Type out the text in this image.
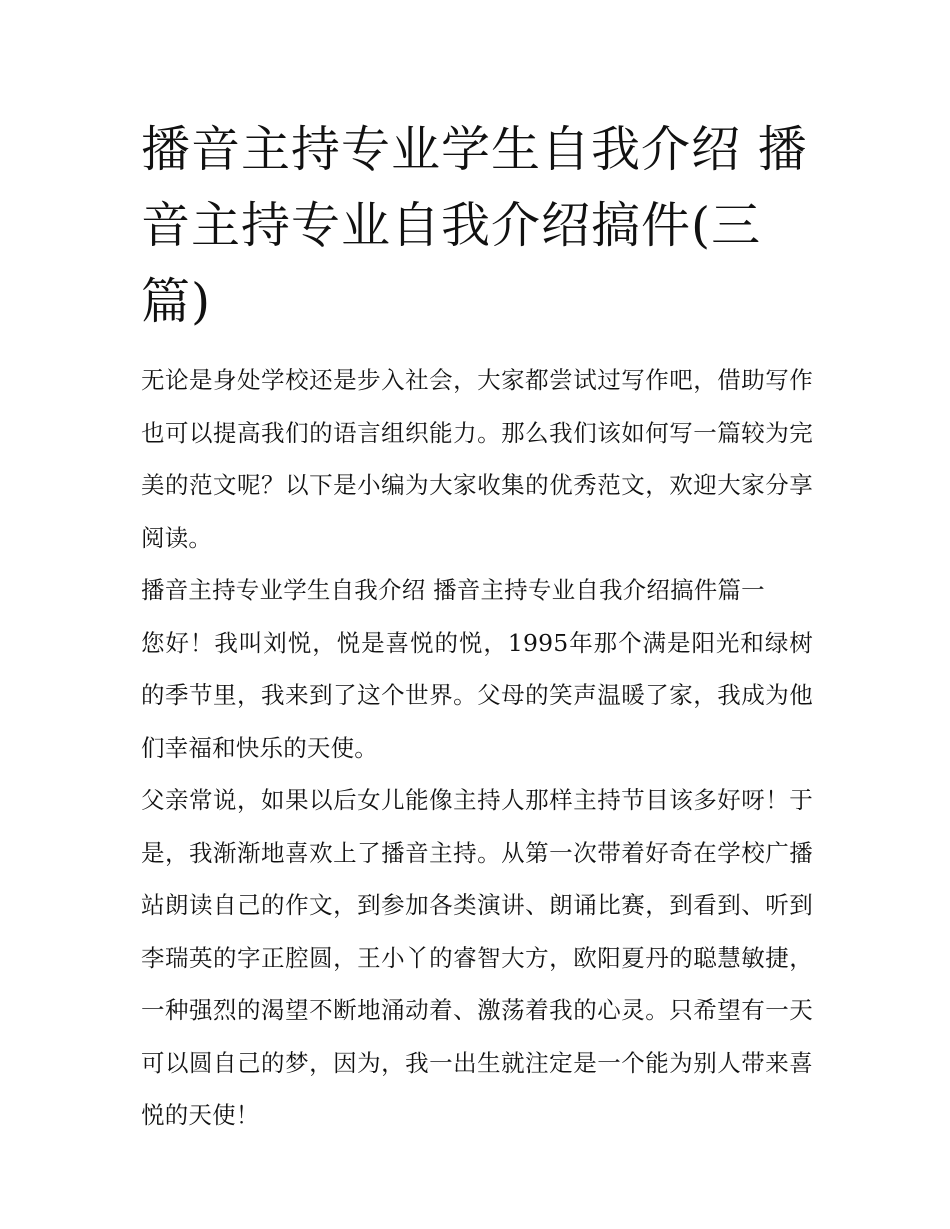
播音主持专业学生自我介绍 播音主持专业自我介绍搞件(三篇)

无论是身处学校还是步入社会，大家都尝试过写作吧，借助写作也可以提高我们的语言组织能力。那么我们该如何写一篇较为完美的范文呢？以下是小编为大家收集的优秀范文，欢迎大家分享阅读。

播音主持专业学生自我介绍 播音主持专业自我介绍搞件篇一

您好！我叫刘悦，悦是喜悦的悦，1995年那个满是阳光和绿树的季节里，我来到了这个世界。父母的笑声温暖了家，我成为他们幸福和快乐的天使。

父亲常说，如果以后女儿能像主持人那样主持节目该多好呀！于是，我渐渐地喜欢上了播音主持。从第一次带着好奇在学校广播站朗读自己的作文，到参加各类演讲、朗诵比赛，到看到、听到李瑞英的字正腔圆，王小丫的睿智大方，欧阳夏丹的聪慧敏捷，一种强烈的渴望不断地涌动着、激荡着我的心灵。只希望有一天可以圆自己的梦，因为，我一出生就注定是一个能为别人带来喜悦的天使！
